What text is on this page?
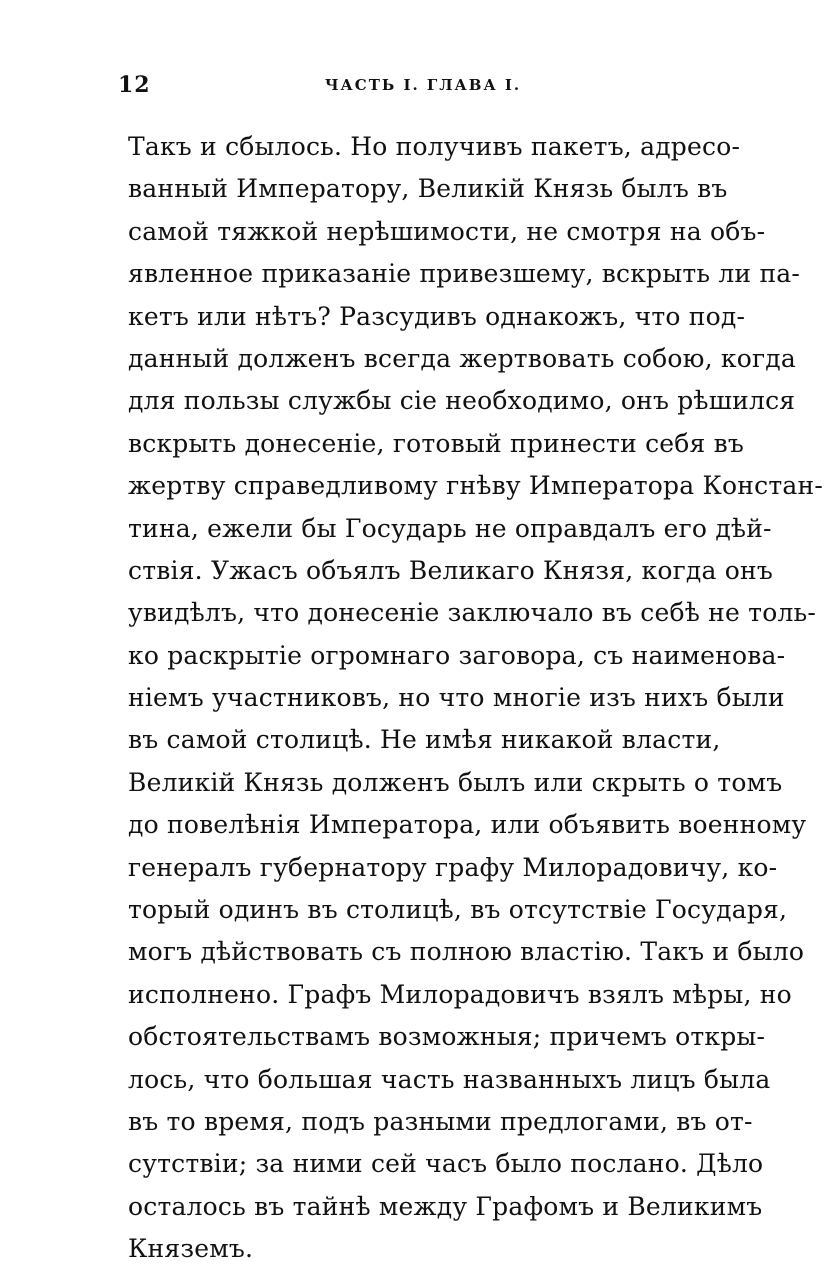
12	ЧАСТЬ I. ГЛАВА I.
Такъ и сбылось. Но получивъ пакетъ, адресо-
ванный Императору, Великій Князь былъ въ
самой тяжкой нерѣшимости, не смотря на объ-
явленное приказаніе привезшему, вскрыть ли па-
кетъ или нѣтъ? Разсудивъ однакожъ, что под-
данный долженъ всегда жертвовать собою, когда
для пользы службы сіе необходимо, онъ рѣшился
вскрыть донесеніе, готовый принести себя въ
жертву справедливому гнѣву Императора Констан-
тина, ежели бы Государь не оправдалъ его дѣй-
ствія. Ужасъ объялъ Великаго Князя, когда онъ
увидѣлъ, что донесеніе заключало въ себѣ не толь-
ко раскрытіе огромнаго заговора, съ наименова-
ніемъ участниковъ, но что многіе изъ нихъ были
въ самой столицѣ. Не имѣя никакой власти,
Великій Князь долженъ былъ или скрыть о томъ
до повелѣнія Императора, или объявить военному
генералъ губернатору графу Милорадовичу, ко-
торый одинъ въ столицѣ, въ отсутствіе Государя,
могъ дѣйствовать съ полною властію. Такъ и было
исполнено. Графъ Милорадовичъ взялъ мѣры, но
обстоятельствамъ возможныя; причемъ откры-
лось, что большая часть названныхъ лицъ была
въ то время, подъ разными предлогами, въ от-
сутствіи; за ними сей часъ было послано. Дѣло
осталось въ тайнѣ между Графомъ и Великимъ
Княземъ.
